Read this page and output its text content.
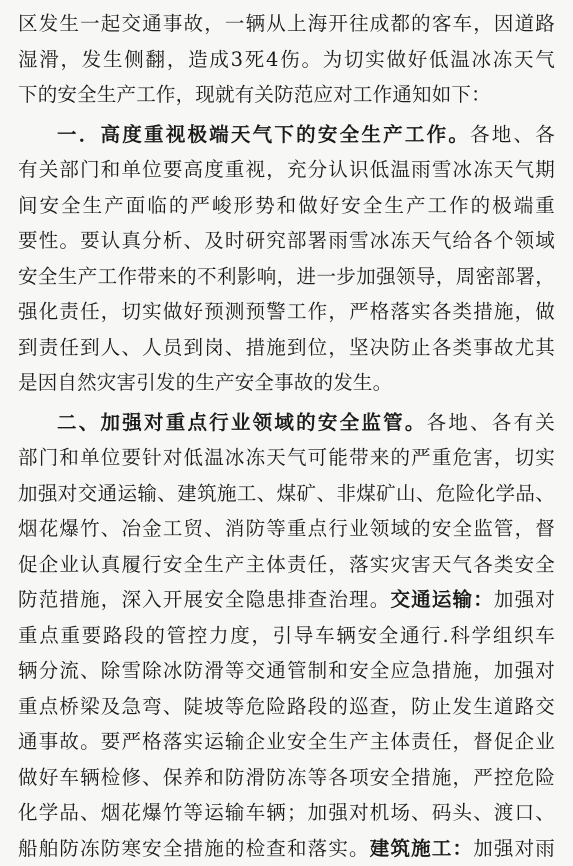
区发生一起交通事故，一辆从上海开往成都的客车，因道路
湿滑，发生侧翻，造成3死4伤。为切实做好低温冰冻天气
下的安全生产工作，现就有关防范应对工作通知如下：
一．高度重视极端天气下的安全生产工作。各地、各
有关部门和单位要高度重视，充分认识低温雨雪冰冻天气期
间安全生产面临的严峻形势和做好安全生产工作的极端重
要性。要认真分析、及时研究部署雨雪冰冻天气给各个领域
安全生产工作带来的不利影响，进一步加强领导，周密部署，
强化责任，切实做好预测预警工作，严格落实各类措施，做
到责任到人、人员到岗、措施到位，坚决防止各类事故尤其
是因自然灾害引发的生产安全事故的发生。
二、加强对重点行业领域的安全监管。各地、各有关
部门和单位要针对低温冰冻天气可能带来的严重危害，切实
加强对交通运输、建筑施工、煤矿、非煤矿山、危险化学品、
烟花爆竹、冶金工贸、消防等重点行业领域的安全监管，督
促企业认真履行安全生产主体责任，落实灾害天气各类安全
防范措施，深入开展安全隐患排查治理。交通运输：加强对
重点重要路段的管控力度，引导车辆安全通行.科学组织车
辆分流、除雪除冰防滑等交通管制和安全应急措施，加强对
重点桥梁及急弯、陡坡等危险路段的巡查，防止发生道路交
通事故。要严格落实运输企业安全生产主体责任，督促企业
做好车辆检修、保养和防滑防冻等各项安全措施，严控危险
化学品、烟花爆竹等运输车辆；加强对机场、码头、渡口、
船舶防冻防寒安全措施的检查和落实。建筑施工：加强对雨
